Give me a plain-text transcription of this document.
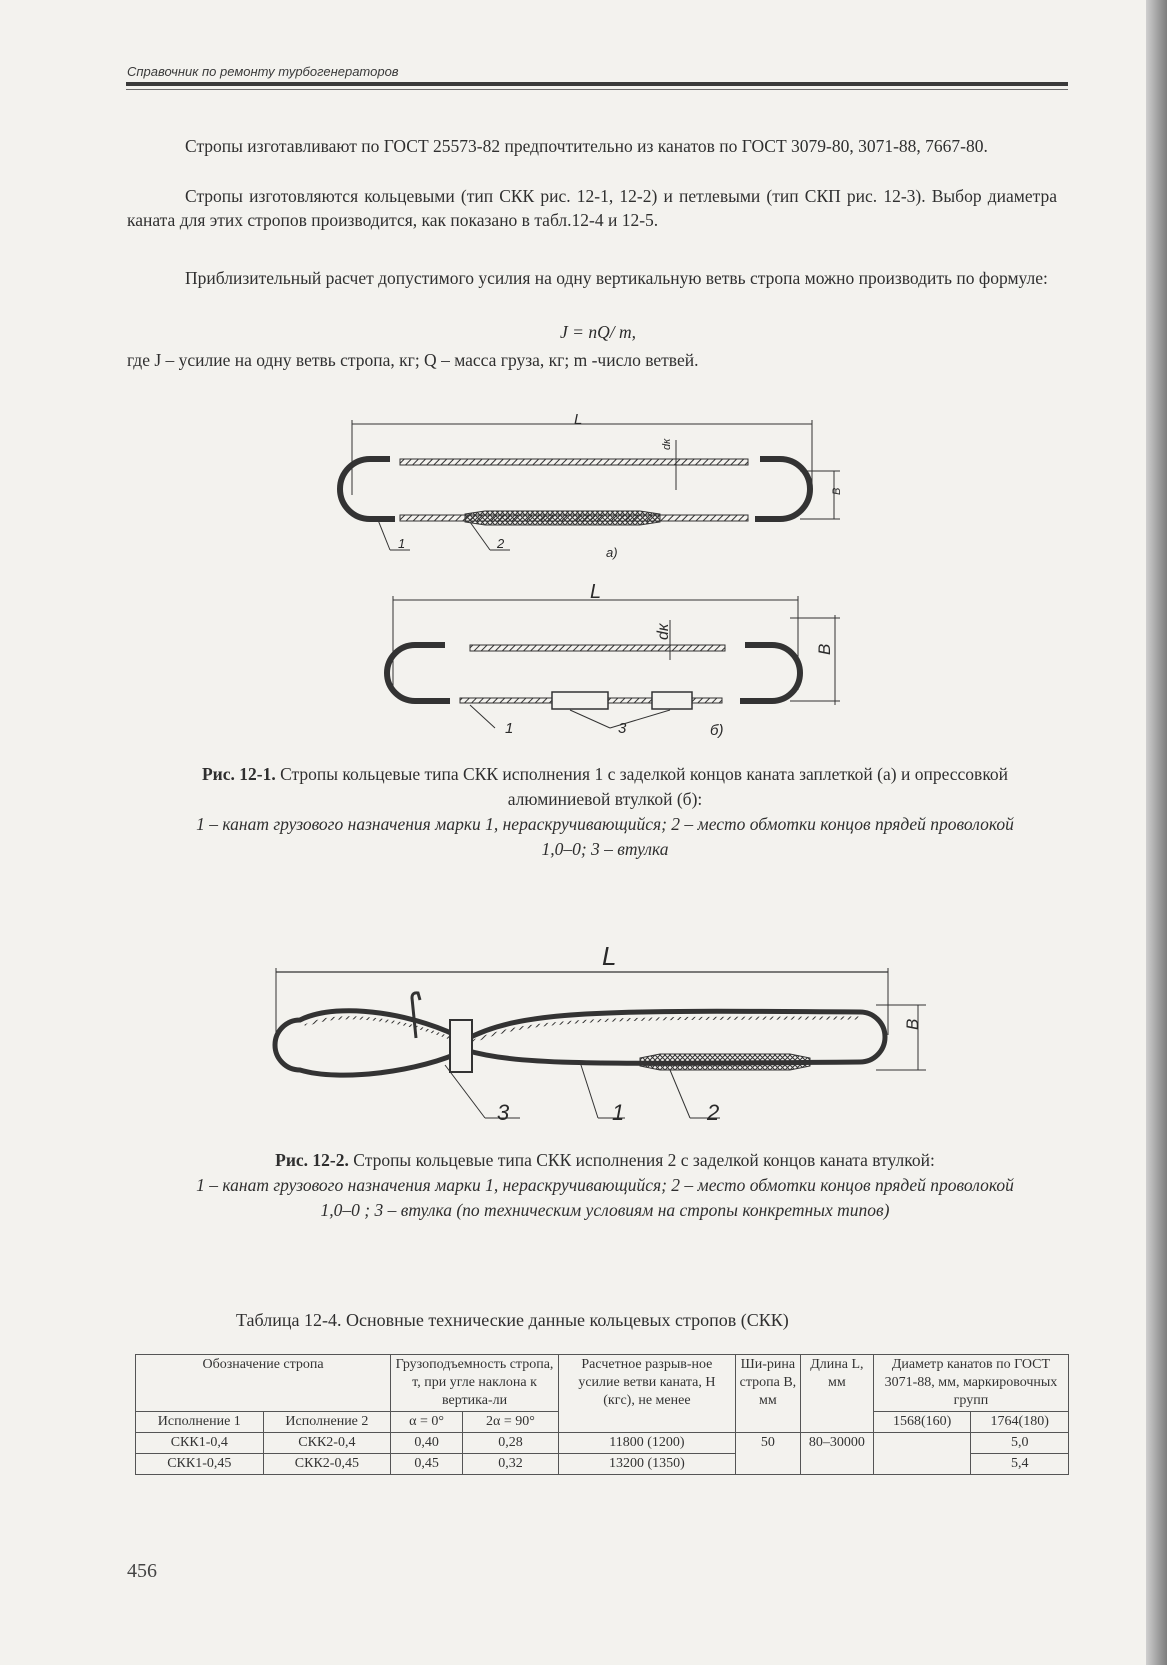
Справочник по ремонту турбогенераторов
Стропы изготавливают по ГОСТ 25573-82 предпочтительно из канатов по ГОСТ 3079-80, 3071-88, 7667-80.
Стропы изготовляются кольцевыми (тип СКК рис. 12-1, 12-2) и петлевыми (тип СКП рис. 12-3). Выбор диаметра каната для этих стропов производится, как показано в табл.12-4 и 12-5.
Приблизительный расчет допустимого усилия на одну вертикальную ветвь стропа можно производить по формуле:
J = nQ/ m,
где J – усилие на одну ветвь стропа, кг; Q – масса груза, кг; m -число ветвей.
L
dк
B
1	2
а)
L
dк
B
1	3	б)
L
B
3	1	2
Рис. 12-1. Стропы кольцевые типа СКК исполнения 1 с заделкой концов каната заплеткой (а) и опрессовкой алюминиевой втулкой (б):
1 – канат грузового назначения марки 1, нераскручивающийся; 2 – место обмотки концов прядей проволокой 1,0–0; 3 – втулка
Рис. 12-2. Стропы кольцевые типа СКК исполнения 2 с заделкой концов каната втулкой:
1 – канат грузового назначения марки 1, нераскручивающийся; 2 – место обмотки концов прядей проволокой 1,0–0 ; 3 – втулка (по техническим условиям на стропы конкретных типов)
Таблица 12-4. Основные технические данные кольцевых стропов (СКК)
Обозначение стропа		Грузоподъемность стропа, т, при угле наклона к вертика-ли		Расчетное разрыв-ное усилие ветви каната, Н (кгс), не менее	Ши-рина стропа В, мм	Длина L, мм	Диаметр канатов по ГОСТ 3071-88, мм, маркировочных групп	
							1568(160)	1764(180)
Исполнение 1	Исполнение 2	α = 0°	2α = 90°					
СКК1-0,4	СКК2-0,4	0,40	0,28	11800 (1200)	50	80–30000		5,0
СКК1-0,45	СКК2-0,45	0,45	0,32	13200 (1350)				5,4
456
